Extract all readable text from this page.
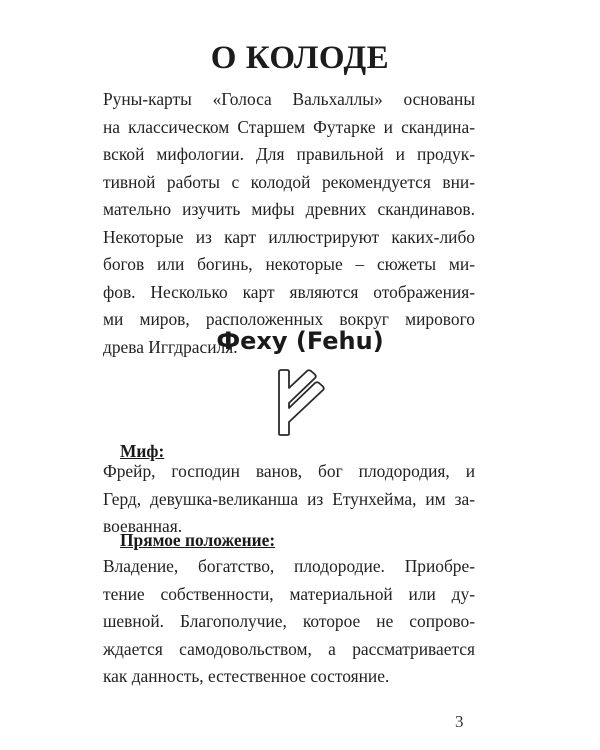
О КОЛОДЕ
Руны-карты «Голоса Вальхаллы» основаны
на классическом Старшем Футарке и скандина-
вской мифологии. Для правильной и продук-
тивной работы с колодой рекомендуется вни-
мательно изучить мифы древних скандинавов.
Некоторые из карт иллюстрируют каких-либо
богов или богинь, некоторые – сюжеты ми-
фов. Несколько карт являются отображения-
ми миров, расположенных вокруг мирового
древа Иггдрасиля.
Феху (Fehu)

Миф:

Фрейр, господин ванов, бог плодородия, и
Герд, девушка-великанша из Етунхейма, им за-
воеванная.

Прямое положение:

Владение, богатство, плодородие. Приобре-
тение собственности, материальной или ду-
шевной. Благополучие, которое не сопрово-
ждается самодовольством, а рассматривается
как данность, естественное состояние.
3
